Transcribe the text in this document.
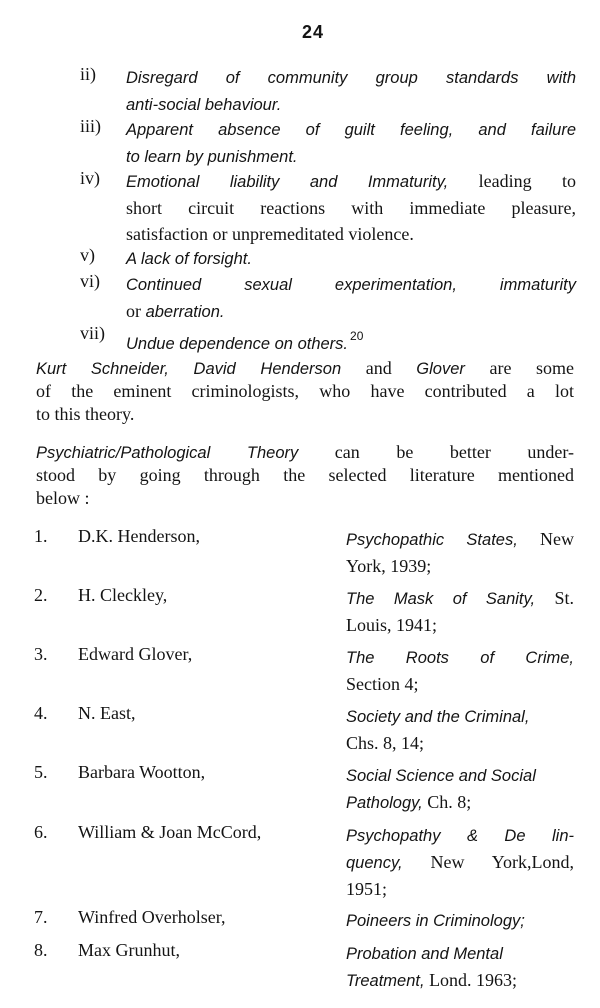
24
ii) Disregard of community group standards with
anti-social behaviour.
iii) Apparent absence of guilt feeling, and failure
to learn by punishment.
iv) Emotional liability and Immaturity, leading to
short circuit reactions with immediate pleasure,
satisfaction or unpremeditated violence.
v) A lack of forsight.
vi) Continued sexual experimentation, immaturity
or aberration.
vii)
Undue dependence on others. $^{20}$
Kurt Schneider, David Henderson and Glover are some
of the eminent criminologists, who have contributed a lot
to this theory.
Psychiatric/Pathological Theory can be better under-
stood by going through the selected literature mentioned
below :
1. D.K. Henderson,	Psychopathic States, New
York, 1939;
2. H. Cleckley,	The Mask of Sanity, St.
Louis, 1941;
3. Edward Glover,	The Roots of Crime,
Section 4;
4. N. East,	Society and the Criminal,
Chs. 8, 14;
5. Barbara Wootton,	Social Science and Social
Pathology, Ch. 8;
6. William & Joan McCord,	Psychopathy & De lin-
quency, New York,Lond,
1951;
7. Winfred Overholser,	Poineers in Criminology;
8. Max Grunhut,	Probation and Mental
Treatment, Lond. 1963;
